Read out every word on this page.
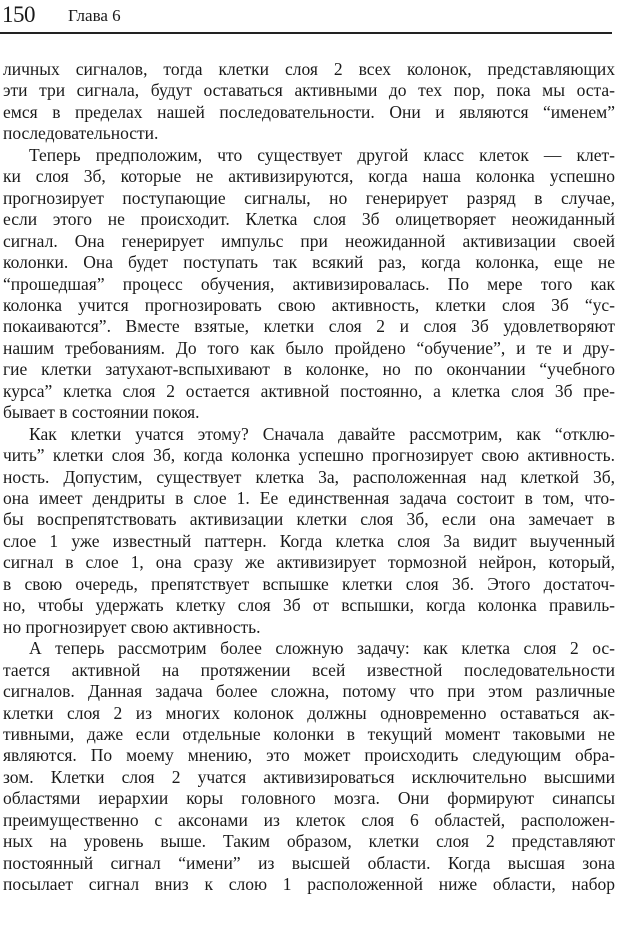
150 Глава 6
личных сигналов, тогда клетки слоя 2 всех колонок, представляющих
эти три сигнала, будут оставаться активными до тех пор, пока мы оста-
емся в пределах нашей последовательности. Они и являются “именем”
последовательности.
Теперь предположим, что существует другой класс клеток — клет-
ки слоя 3б, которые не активизируются, когда наша колонка успешно
прогнозирует поступающие сигналы, но генерирует разряд в случае,
если этого не происходит. Клетка слоя 3б олицетворяет неожиданный
сигнал. Она генерирует импульс при неожиданной активизации своей
колонки. Она будет поступать так всякий раз, когда колонка, еще не
“прошедшая” процесс обучения, активизировалась. По мере того как
колонка учится прогнозировать свою активность, клетки слоя 3б “ус-
покаиваются”. Вместе взятые, клетки слоя 2 и слоя 3б удовлетворяют
нашим требованиям. До того как было пройдено “обучение”, и те и дру-
гие клетки затухают-вспыхивают в колонке, но по окончании “учебного
курса” клетка слоя 2 остается активной постоянно, а клетка слоя 3б пре-
бывает в состоянии покоя.
Как клетки учатся этому? Сначала давайте рассмотрим, как “отклю-
чить” клетки слоя 3б, когда колонка успешно прогнозирует свою активность.
ность. Допустим, существует клетка 3а, расположенная над клеткой 3б,
она имеет дендриты в слое 1. Ее единственная задача состоит в том, что-
бы воспрепятствовать активизации клетки слоя 3б, если она замечает в
слое 1 уже известный паттерн. Когда клетка слоя 3а видит выученный
сигнал в слое 1, она сразу же активизирует тормозной нейрон, который,
в свою очередь, препятствует вспышке клетки слоя 3б. Этого достаточ-
но, чтобы удержать клетку слоя 3б от вспышки, когда колонка правиль-
но прогнозирует свою активность.
А теперь рассмотрим более сложную задачу: как клетка слоя 2 ос-
тается активной на протяжении всей известной последовательности
сигналов. Данная задача более сложна, потому что при этом различные
клетки слоя 2 из многих колонок должны одновременно оставаться ак-
тивными, даже если отдельные колонки в текущий момент таковыми не
являются. По моему мнению, это может происходить следующим обра-
зом. Клетки слоя 2 учатся активизироваться исключительно высшими
областями иерархии коры головного мозга. Они формируют синапсы
преимущественно с аксонами из клеток слоя 6 областей, расположен-
ных на уровень выше. Таким образом, клетки слоя 2 представляют
постоянный сигнал “имени” из высшей области. Когда высшая зона
посылает сигнал вниз к слою 1 расположенной ниже области, набор
